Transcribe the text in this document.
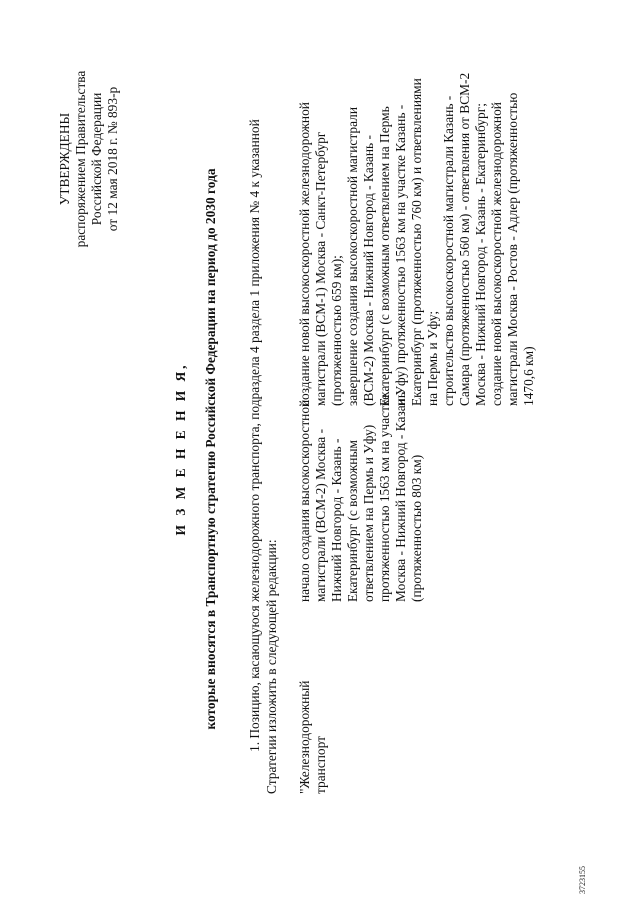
УТВЕРЖДЕНЫ распоряжением Правительства Российской Федерации от 12 мая 2018 г. № 893-р
И З М Е Н Е Н И Я, которые вносятся в Транспортную стратегию Российской Федерации на период до 2030 года 1. Позицию, касающуюся железнодорожного транспорта, подраздела 4 раздела 1 приложения № 4 к указанной Стратегии изложить в следующей редакции: "Железнодорожный транспорт
начало создания высокоскоростной магистрали (ВСМ-2) Москва - Нижний Новгород - Казань - Екатеринбург (с возможным ответвлением на Пермь и Уфу) протяженностью 1563 км на участке Москва - Нижний Новгород - Казань (протяженностью 803 км)
создание новой высокоскоростной железнодорожной магистрали (ВСМ-1) Москва - Санкт-Петербург (протяженностью 659 км); завершение создания высокоскоростной магистрали (ВСМ-2) Москва - Нижний Новгород - Казань - Екатеринбург (с возможным ответвлением на Пермь и Уфу) протяженностью 1563 км на участке Казань - Екатеринбург (протяженностью 760 км) и ответвлениями на Пермь и Уфу; строительство высокоскоростной магистрали Казань - Самара (протяженностью 560 км) - ответвления от ВСМ-2 Москва - Нижний Новгород - Казань - Екатеринбург; создание новой высокоскоростной железнодорожной магистрали Москва - Ростов - Адлер (протяженностью 1470,6 км)
3723155
